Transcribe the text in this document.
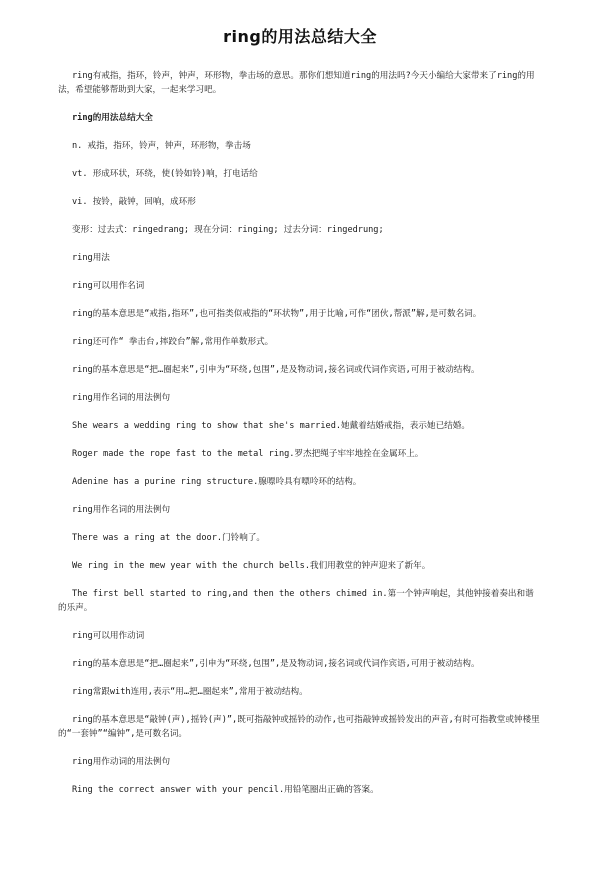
ring的用法总结大全

ring有戒指，指环，铃声，钟声，环形物，拳击场的意思。那你们想知道ring的用法吗?今天小编给大家带来了ring的用法，希望能够帮助到大家，一起来学习吧。

ring的用法总结大全

n. 戒指，指环，铃声，钟声，环形物，拳击场

vt. 形成环状，环绕，使(铃如铃)响，打电话给

vi. 按铃，敲钟，回响，成环形

变形：过去式：ringedrang; 现在分词：ringing; 过去分词：ringedrung;

ring用法

ring可以用作名词

ring的基本意思是“戒指,指环”,也可指类似戒指的“环状物”,用于比喻,可作“团伙,帮派”解,是可数名词。

ring还可作“ 拳击台,摔跤台”解,常用作单数形式。

ring的基本意思是“把…圈起来”,引申为“环绕,包围”,是及物动词,接名词或代词作宾语,可用于被动结构。

ring用作名词的用法例句

She wears a wedding ring to show that she's married.她戴着结婚戒指，表示她已结婚。

Roger made the rope fast to the metal ring.罗杰把绳子牢牢地拴在金属环上。

Adenine has a purine ring structure.腺嘌呤具有嘌呤环的结构。

ring用作名词的用法例句

There was a ring at the door.门铃响了。

We ring in the mew year with the church bells.我们用教堂的钟声迎来了新年。

The first bell started to ring,and then the others chimed in.第一个钟声响起，其他钟接着奏出和谐的乐声。

ring可以用作动词

ring的基本意思是“把…圈起来”,引申为“环绕,包围”,是及物动词,接名词或代词作宾语,可用于被动结构。

ring常跟with连用,表示“用…把…圈起来”,常用于被动结构。

ring的基本意思是“敲钟(声),摇铃(声)”,既可指敲钟或摇铃的动作,也可指敲钟或摇铃发出的声音,有时可指教堂或钟楼里的“一套钟”“编钟”,是可数名词。

ring用作动词的用法例句

Ring the correct answer with your pencil.用铅笔圈出正确的答案。
